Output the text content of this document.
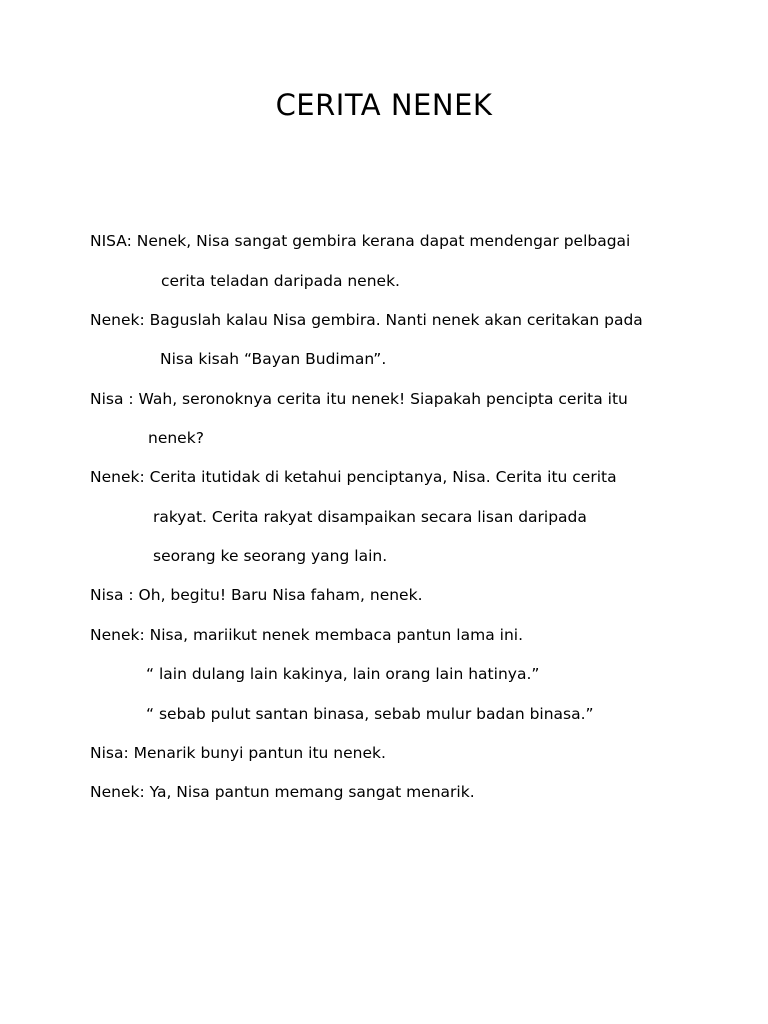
CERITA NENEK
NISA: Nenek, Nisa sangat gembira kerana dapat mendengar pelbagai
cerita teladan daripada nenek.
Nenek: Baguslah kalau Nisa gembira. Nanti nenek akan ceritakan pada
Nisa kisah “Bayan Budiman”.
Nisa : Wah, seronoknya cerita itu nenek! Siapakah pencipta cerita itu
nenek?
Nenek: Cerita itutidak di ketahui penciptanya, Nisa. Cerita itu cerita
rakyat. Cerita rakyat disampaikan secara lisan daripada
seorang ke seorang yang lain.
Nisa : Oh, begitu! Baru Nisa faham, nenek.
Nenek: Nisa, mariikut nenek membaca pantun lama ini.
“ lain dulang lain kakinya, lain orang lain hatinya.”
“ sebab pulut santan binasa, sebab mulur badan binasa.”
Nisa: Menarik bunyi pantun itu nenek.
Nenek: Ya, Nisa pantun memang sangat menarik.
